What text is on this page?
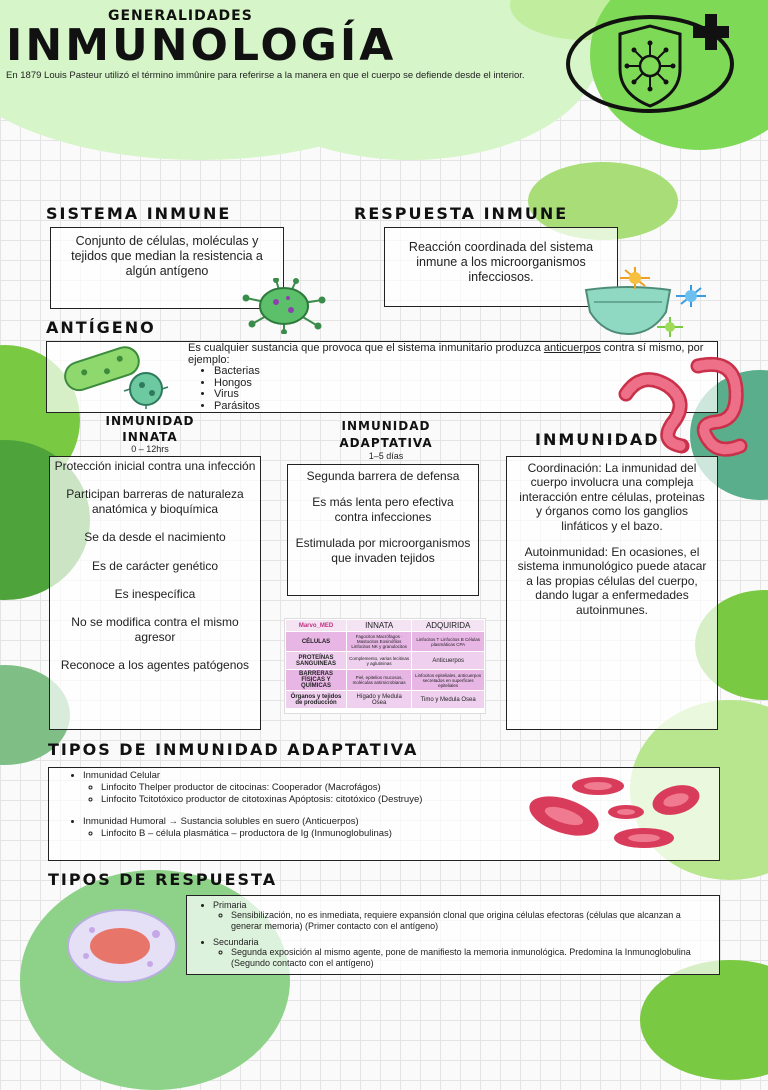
GENERALIDADES
INMUNOLOGÍA
En 1879 Louis Pasteur utilizó el término immûnire para referirse a la manera en que el cuerpo se defiende desde el interior.
SISTEMA INMUNE
Conjunto de células, moléculas y tejidos que median la resistencia a algún antígeno
RESPUESTA INMUNE
Reacción coordinada del sistema inmune a los microorganismos infecciosos.
ANTÍGENO
Es cualquier sustancia que provoca que el sistema inmunitario produzca anticuerpos contra sí mismo, por ejemplo:
• Bacterias
• Hongos
• Virus
• Parásitos
INMUNIDAD
INNATA
0 – 12hrs

Protección inicial contra una infección

Participan barreras de naturaleza anatómica y bioquímica

Se da desde el nacimiento

Es de carácter genético

Es inespecífica

No se modifica contra el mismo agresor

Reconoce a los agentes patógenos

INMUNIDAD
ADAPTATIVA
1–5 días

Segunda barrera de defensa

Es más lenta pero efectiva contra infecciones

Estimulada por microorganismos que invaden tejidos

Marvo_MED	INNATA	ADQUIRIDA
CÉLULAS	Fagocitos Macrófagos · Mastocitos Eosinófilos Linfocitos NK y granulocitos	Linfocitos T Linfocitos B Células plasmáticas CPA
PROTEÍNAS SANGUINEAS	Complemento, varias lecitinas y aglutininas	Anticuerpos
BARRERAS FÍSICAS Y QUÍMICAS	Piel, epitelios mucosos, moléculas antimicrobianas	Linfocitos epiteliales, anticuerpos secretados en superficies epiteliales
Órganos y tejidos de producción	Hígado y Medula Osea	Timo y Medula Osea
INMUNIDAD

Coordinación: La inmunidad del cuerpo involucra una compleja interacción entre células, proteinas y órganos como los ganglios linfáticos y el bazo.

Autoinmunidad: En ocasiones, el sistema inmunológico puede atacar a las propias células del cuerpo, dando lugar a enfermedades autoinmunes.

TIPOS DE INMUNIDAD ADAPTATIVA
• Inmunidad Celular
◦ Linfocito Thelper productor de citocinas: Cooperador (Macrofágos)
◦ Linfocito Tcitotóxico productor de citotoxinas Apóptosis: citotóxico (Destruye)
• Inmunidad Humoral → Sustancia solubles en suero (Anticuerpos)
◦ Linfocito B – célula plasmática – productora de Ig (Inmunoglobulinas)
TIPOS DE RESPUESTA
• Primaria
◦ Sensibilización, no es inmediata, requiere expansión clonal que origina células efectoras (células que alcanzan a generar memoria) (Primer contacto con el antígeno)
• Secundaria
◦ Segunda exposición al mismo agente, pone de manifiesto la memoria inmunológica. Predomina la Inmunoglobulina (Segundo contacto con el antígeno)
